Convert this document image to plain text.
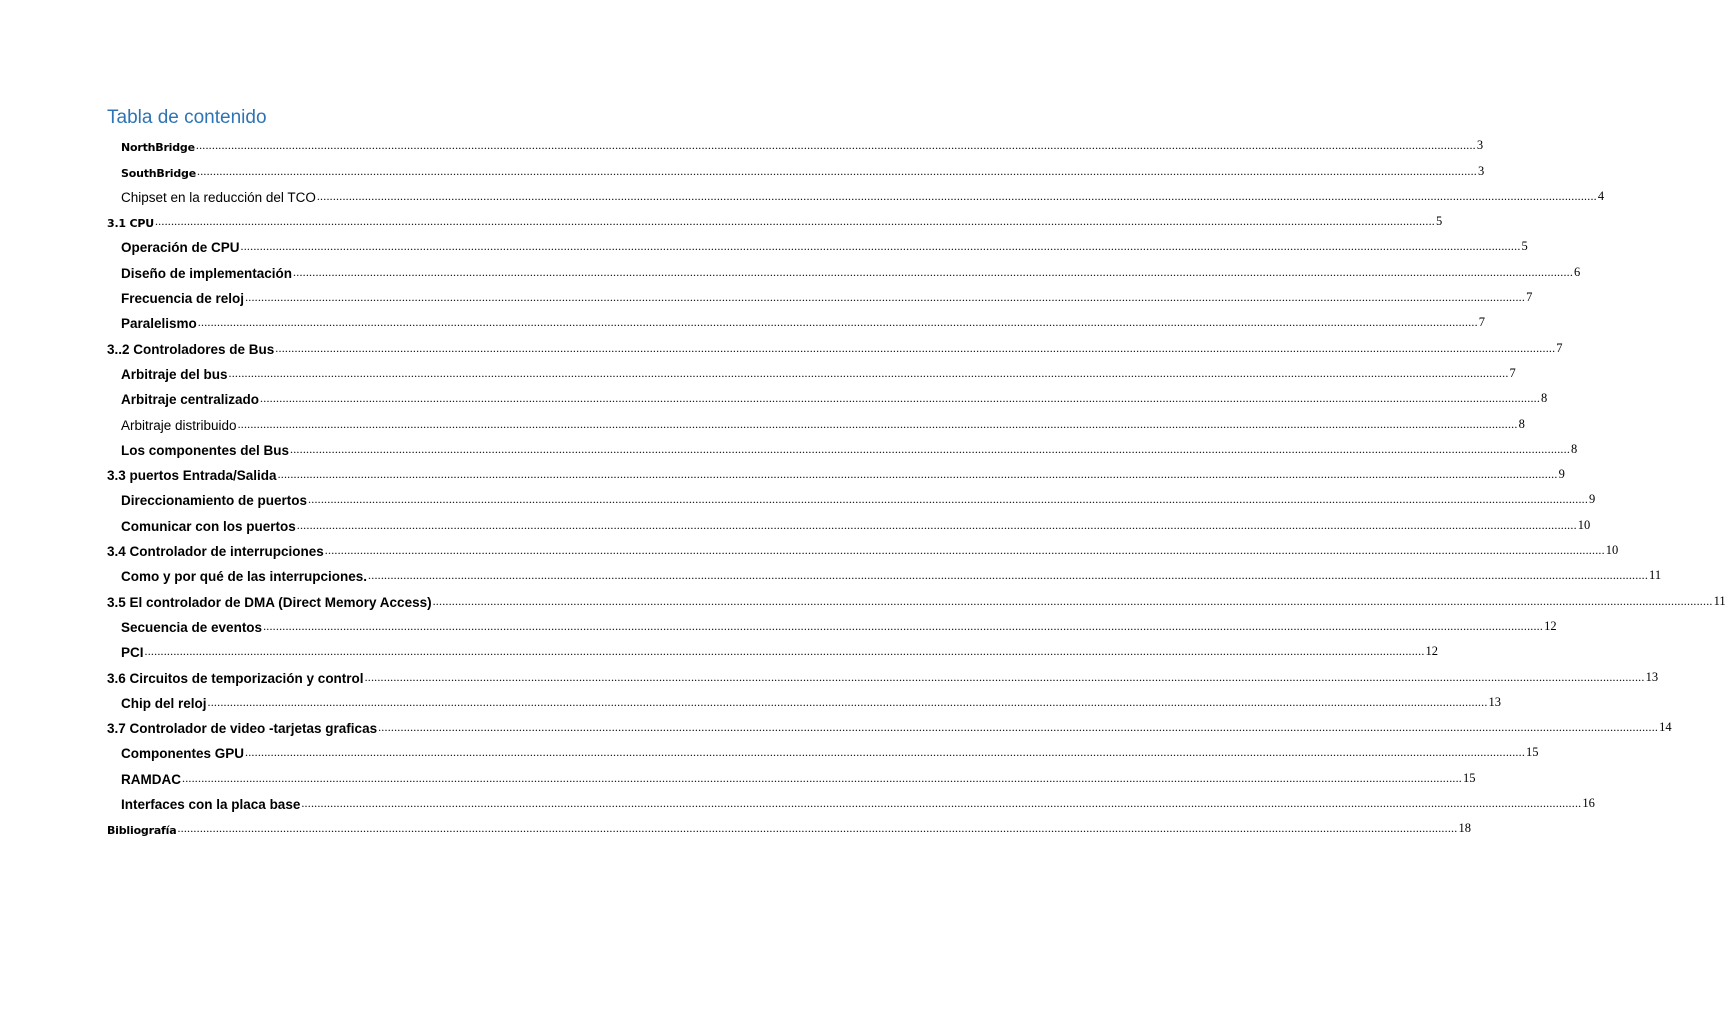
Tabla de contenido
NorthBridge ................................................................................................................................................................................................................................................................................................................................................................................................................ 3
SouthBridge ................................................................................................................................................................................................................................................................................................................................................................................................................ 3
Chipset en la reducción del TCO ................................................................................................................................................................................................................................................................................................................................................................................................................ 4
3.1 CPU ................................................................................................................................................................................................................................................................................................................................................................................................................ 5
Operación de CPU ................................................................................................................................................................................................................................................................................................................................................................................................................ 5
Diseño de implementación ................................................................................................................................................................................................................................................................................................................................................................................................................ 6
Frecuencia de reloj ................................................................................................................................................................................................................................................................................................................................................................................................................ 7
Paralelismo ................................................................................................................................................................................................................................................................................................................................................................................................................ 7
3..2 Controladores de Bus ................................................................................................................................................................................................................................................................................................................................................................................................................ 7
Arbitraje del bus ................................................................................................................................................................................................................................................................................................................................................................................................................ 7
Arbitraje centralizado ................................................................................................................................................................................................................................................................................................................................................................................................................ 8
Arbitraje distribuido ................................................................................................................................................................................................................................................................................................................................................................................................................ 8
Los componentes del Bus ................................................................................................................................................................................................................................................................................................................................................................................................................ 8
3.3 puertos Entrada/Salida ................................................................................................................................................................................................................................................................................................................................................................................................................ 9
Direccionamiento de puertos ................................................................................................................................................................................................................................................................................................................................................................................................................ 9
Comunicar con los puertos ................................................................................................................................................................................................................................................................................................................................................................................................................ 10
3.4 Controlador de interrupciones ................................................................................................................................................................................................................................................................................................................................................................................................................ 10
Como y por qué de las interrupciones. ................................................................................................................................................................................................................................................................................................................................................................................................................ 11
3.5 El controlador de DMA (Direct Memory Access) ................................................................................................................................................................................................................................................................................................................................................................................................................ 11
Secuencia de eventos ................................................................................................................................................................................................................................................................................................................................................................................................................ 12
PCI ................................................................................................................................................................................................................................................................................................................................................................................................................ 12
3.6 Circuitos de temporización y control ................................................................................................................................................................................................................................................................................................................................................................................................................ 13
Chip del reloj ................................................................................................................................................................................................................................................................................................................................................................................................................ 13
3.7 Controlador de video -tarjetas graficas ................................................................................................................................................................................................................................................................................................................................................................................................................ 14
Componentes GPU ................................................................................................................................................................................................................................................................................................................................................................................................................ 15
RAMDAC ................................................................................................................................................................................................................................................................................................................................................................................................................ 15
Interfaces con la placa base ................................................................................................................................................................................................................................................................................................................................................................................................................ 16
Bibliografía ................................................................................................................................................................................................................................................................................................................................................................................................................ 18
